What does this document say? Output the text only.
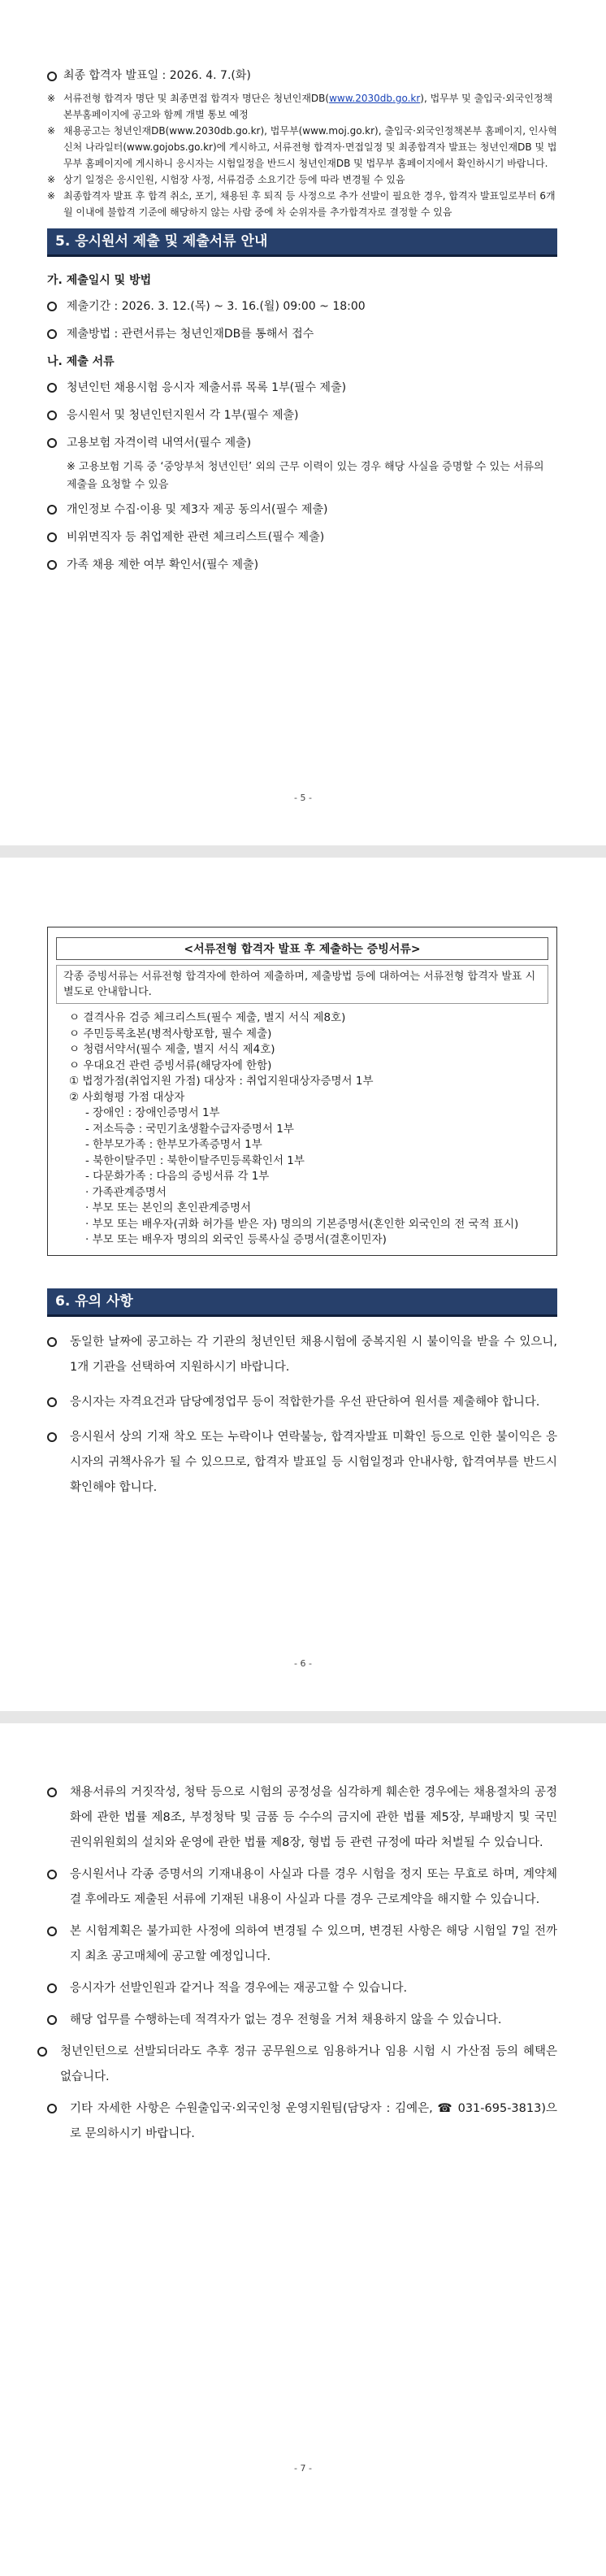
최종 합격자 발표일 : 2026. 4. 7.(화)
※ 서류전형 합격자 명단 및 최종면접 합격자 명단은 청년인재DB(www.2030db.go.kr), 법무부 및 출입국·외국인정책본부홈페이지에 공고와 함께 개별 통보 예정
※ 채용공고는 청년인재DB(www.2030db.go.kr), 법무부(www.moj.go.kr), 출입국·외국인정책본부 홈페이지, 인사혁신처 나라일터(www.gojobs.go.kr)에 게시하고, 서류전형 합격자·면접일정 및 최종합격자 발표는 청년인재DB 및 법무부 홈페이지에 게시하니 응시자는 시험일정을 반드시 청년인재DB 및 법무부 홈페이지에서 확인하시기 바랍니다.
※ 상기 일정은 응시인원, 시험장 사정, 서류검증 소요기간 등에 따라 변경될 수 있음
※ 최종합격자 발표 후 합격 취소, 포기, 채용된 후 퇴직 등 사정으로 추가 선발이 필요한 경우, 합격자 발표일로부터 6개월 이내에 불합격 기준에 해당하지 않는 사람 중에 차 순위자를 추가합격자로 결정할 수 있음
5. 응시원서 제출 및 제출서류 안내
가. 제출일시 및 방법
제출기간 : 2026. 3. 12.(목) ~ 3. 16.(월) 09:00 ~ 18:00
제출방법 : 관련서류는 청년인재DB를 통해서 접수
나. 제출 서류
청년인턴 채용시험 응시자 제출서류 목록 1부(필수 제출)
응시원서 및 청년인턴지원서 각 1부(필수 제출)
고용보험 자격이력 내역서(필수 제출)
※ 고용보험 기록 중 ‘중앙부처 청년인턴’ 외의 근무 이력이 있는 경우 해당 사실을 증명할 수 있는 서류의 제출을 요청할 수 있음
개인정보 수집·이용 및 제3자 제공 동의서(필수 제출)
비위면직자 등 취업제한 관련 체크리스트(필수 제출)
가족 채용 제한 여부 확인서(필수 제출)
- 5 -
<서류전형 합격자 발표 후 제출하는 증빙서류>
각종 증빙서류는 서류전형 합격자에 한하여 제출하며, 제출방법 등에 대하여는 서류전형 합격자 발표 시 별도로 안내합니다.
ㅇ 결격사유 검증 체크리스트(필수 제출, 별지 서식 제8호)
ㅇ 주민등록초본(병적사항포함, 필수 제출)
ㅇ 청렴서약서(필수 제출, 별지 서식 제4호)
ㅇ 우대요건 관련 증빙서류(해당자에 한함)
① 법정가점(취업지원 가점) 대상자 : 취업지원대상자증명서 1부
② 사회형평 가점 대상자
- 장애인 : 장애인증명서 1부
- 저소득층 : 국민기초생활수급자증명서 1부
- 한부모가족 : 한부모가족증명서 1부
- 북한이탈주민 : 북한이탈주민등록확인서 1부
- 다문화가족 : 다음의 증빙서류 각 1부
· 가족관계증명서
· 부모 또는 본인의 혼인관계증명서
· 부모 또는 배우자(귀화 허가를 받은 자) 명의의 기본증명서(혼인한 외국인의 전 국적 표시)
· 부모 또는 배우자 명의의 외국인 등록사실 증명서(결혼이민자)
6. 유의 사항
동일한 날짜에 공고하는 각 기관의 청년인턴 채용시험에 중복지원 시 불이익을 받을 수 있으니, 1개 기관을 선택하여 지원하시기 바랍니다.
응시자는 자격요건과 담당예정업무 등이 적합한가를 우선 판단하여 원서를 제출해야 합니다.
응시원서 상의 기재 착오 또는 누락이나 연락불능, 합격자발표 미확인 등으로 인한 불이익은 응시자의 귀책사유가 될 수 있으므로, 합격자 발표일 등 시험일정과 안내사항, 합격여부를 반드시 확인해야 합니다.
- 6 -
채용서류의 거짓작성, 청탁 등으로 시험의 공정성을 심각하게 훼손한 경우에는 채용절차의 공정화에 관한 법률 제8조, 부정청탁 및 금품 등 수수의 금지에 관한 법률 제5장, 부패방지 및 국민권익위원회의 설치와 운영에 관한 법률 제8장, 형법 등 관련 규정에 따라 처벌될 수 있습니다.
응시원서나 각종 증명서의 기재내용이 사실과 다를 경우 시험을 정지 또는 무효로 하며, 계약체결 후에라도 제출된 서류에 기재된 내용이 사실과 다를 경우 근로계약을 해지할 수 있습니다.
본 시험계획은 불가피한 사정에 의하여 변경될 수 있으며, 변경된 사항은 해당 시험일 7일 전까지 최초 공고매체에 공고할 예정입니다.
응시자가 선발인원과 같거나 적을 경우에는 재공고할 수 있습니다.
해당 업무를 수행하는데 적격자가 없는 경우 전형을 거쳐 채용하지 않을 수 있습니다.
청년인턴으로 선발되더라도 추후 정규 공무원으로 임용하거나 임용 시험 시 가산점 등의 혜택은 없습니다.
기타 자세한 사항은 수원출입국·외국인청 운영지원팀(담당자 : 김예은, ☎ 031-695-3813)으로 문의하시기 바랍니다.
- 7 -
